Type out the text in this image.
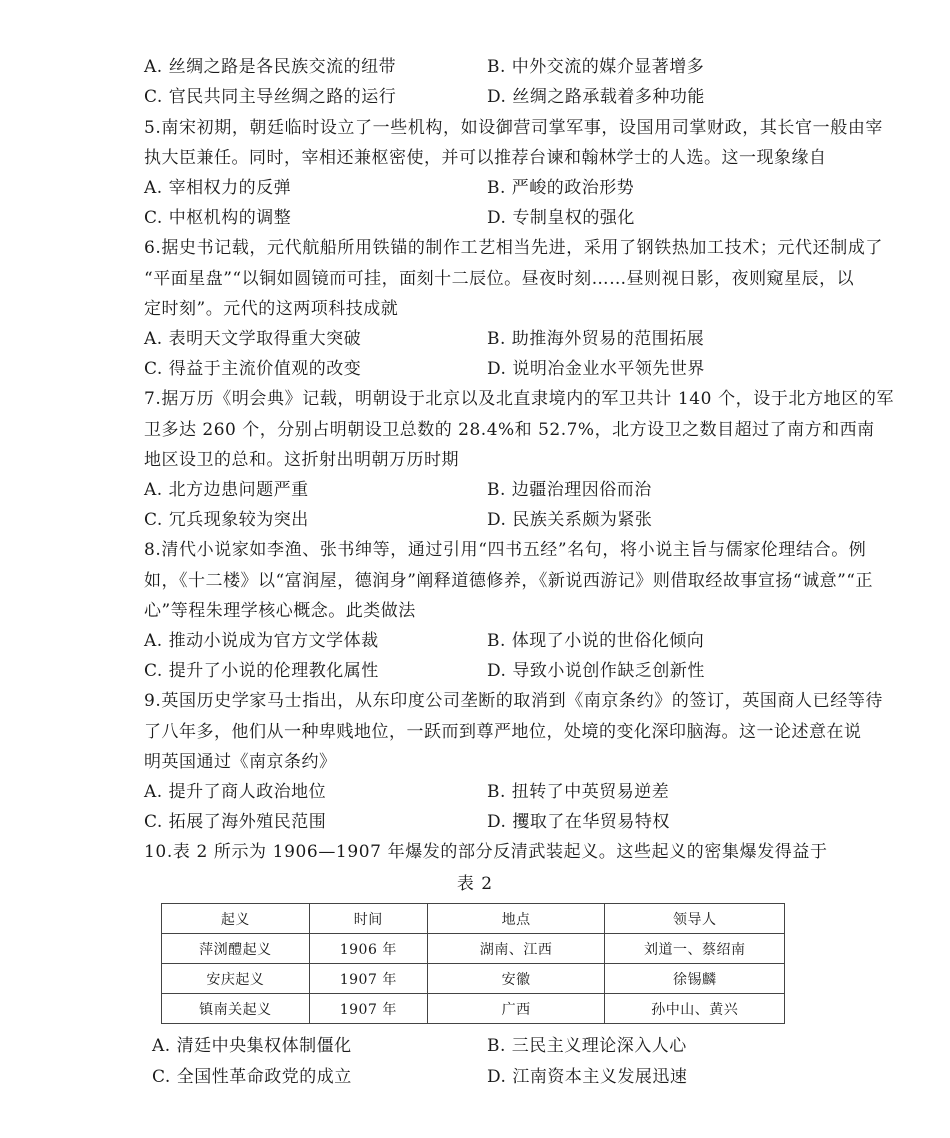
A. 丝绸之路是各民族交流的纽带	B. 中外交流的媒介显著增多
C. 官民共同主导丝绸之路的运行	D. 丝绸之路承载着多种功能
5.南宋初期，朝廷临时设立了一些机构，如设御营司掌军事，设国用司掌财政，其长官一般由宰
执大臣兼任。同时，宰相还兼枢密使，并可以推荐台谏和翰林学士的人选。这一现象缘自
A. 宰相权力的反弹	B. 严峻的政治形势
C. 中枢机构的调整	D. 专制皇权的强化
6.据史书记载，元代航船所用铁锚的制作工艺相当先进，采用了钢铁热加工技术；元代还制成了
“平面星盘”“以铜如圆镜而可挂，面刻十二辰位。昼夜时刻……昼则视日影，夜则窥星辰，以
定时刻”。元代的这两项科技成就
A. 表明天文学取得重大突破	B. 助推海外贸易的范围拓展
C. 得益于主流价值观的改变	D. 说明冶金业水平领先世界
7.据万历《明会典》记载，明朝设于北京以及北直隶境内的军卫共计 140 个，设于北方地区的军
卫多达 260 个，分别占明朝设卫总数的 28.4%和 52.7%，北方设卫之数目超过了南方和西南
地区设卫的总和。这折射出明朝万历时期
A. 北方边患问题严重	B. 边疆治理因俗而治
C. 冗兵现象较为突出	D. 民族关系颇为紧张
8.清代小说家如李渔、张书绅等，通过引用“四书五经”名句，将小说主旨与儒家伦理结合。例
如，《十二楼》以“富润屋，德润身”阐释道德修养，《新说西游记》则借取经故事宣扬“诚意”“正
心”等程朱理学核心概念。此类做法
A. 推动小说成为官方文学体裁	B. 体现了小说的世俗化倾向
C. 提升了小说的伦理教化属性	D. 导致小说创作缺乏创新性
9.英国历史学家马士指出，从东印度公司垄断的取消到《南京条约》的签订，英国商人已经等待
了八年多，他们从一种卑贱地位，一跃而到尊严地位，处境的变化深印脑海。这一论述意在说
明英国通过《南京条约》
A. 提升了商人政治地位	B. 扭转了中英贸易逆差
C. 拓展了海外殖民范围	D. 攫取了在华贸易特权
10.表 2 所示为 1906—1907 年爆发的部分反清武装起义。这些起义的密集爆发得益于
表 2
起义	时间	地点	领导人
萍浏醴起义	1906 年	湖南、江西	刘道一、蔡绍南
安庆起义	1907 年	安徽	徐锡麟
镇南关起义	1907 年	广西	孙中山、黄兴
A. 清廷中央集权体制僵化	B. 三民主义理论深入人心
C. 全国性革命政党的成立	D. 江南资本主义发展迅速
